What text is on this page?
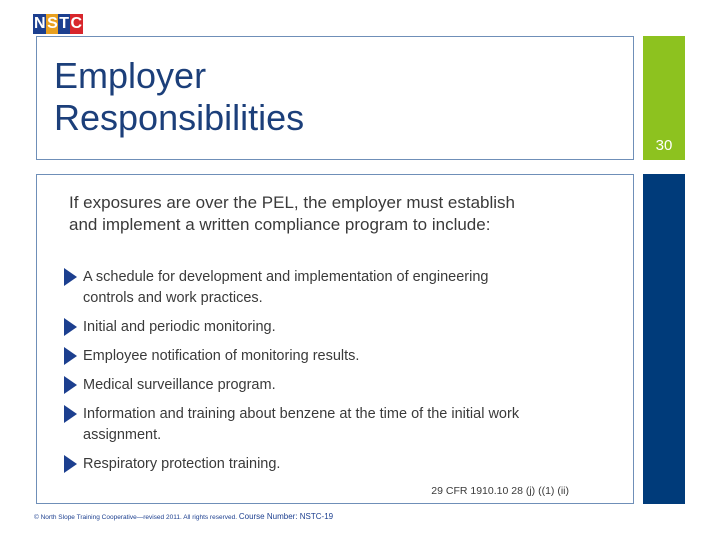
N S T C
Employer
Responsibilities
30

If exposures are over the PEL, the employer must establish and implement a written compliance program to include:

A schedule for development and implementation of engineering controls and work practices.
Initial and periodic monitoring.
Employee notification of monitoring results.
Medical surveillance program.
Information and training about benzene at the time of the initial work assignment.
Respiratory protection training.
29 CFR 1910.10 28 (j) ((1) (ii)
© North Slope Training Cooperative—revised 2011. All rights reserved. Course Number: NSTC-19
